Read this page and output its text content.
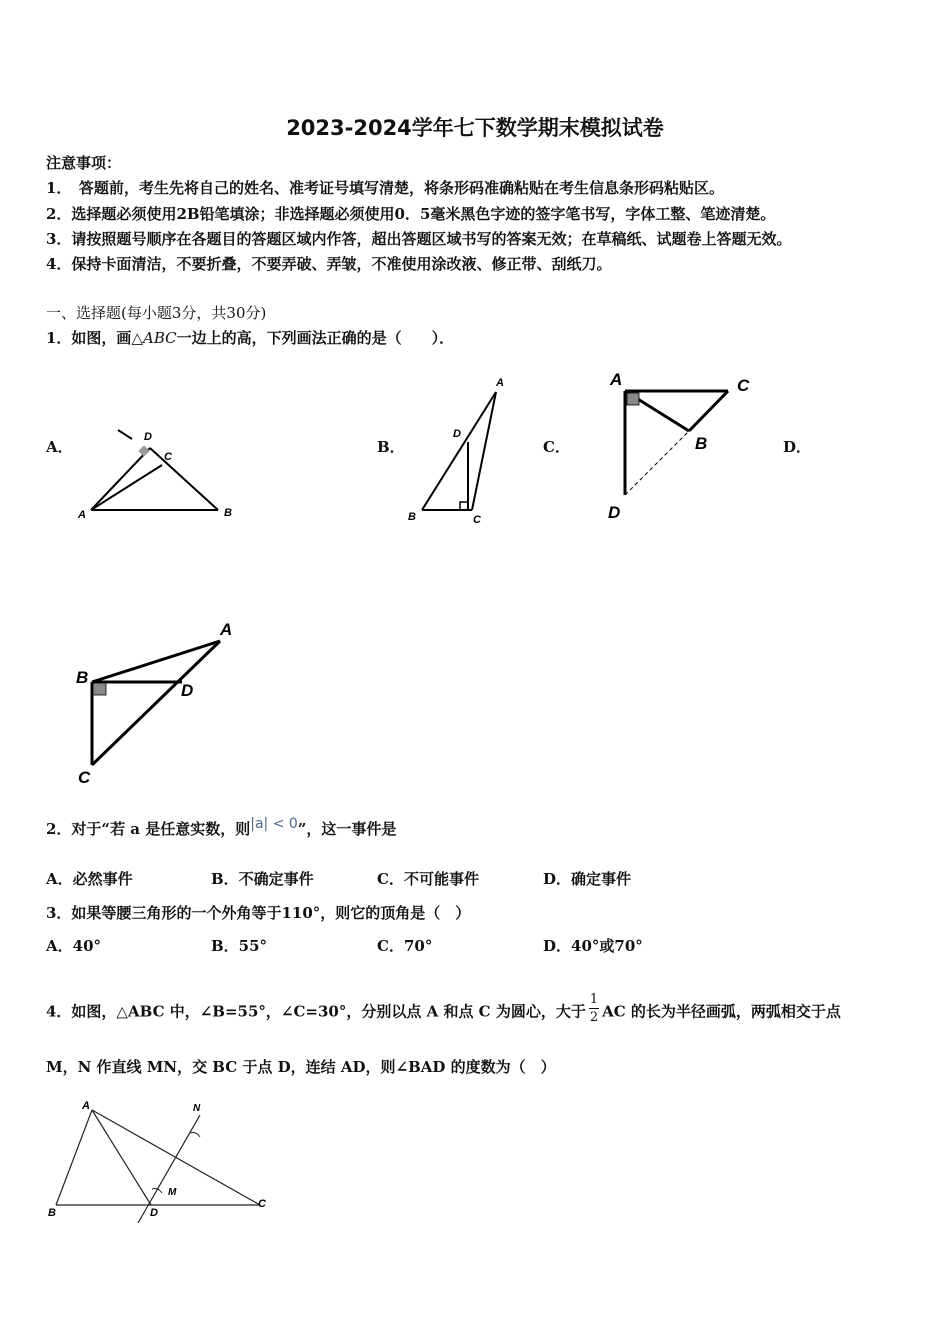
2023-2024学年七下数学期末模拟试卷
注意事项：
1．　答题前，考生先将自己的姓名、准考证号填写清楚，将条形码准确粘贴在考生信息条形码粘贴区。
2．选择题必须使用2B铅笔填涂；非选择题必须使用0．5毫米黑色字迹的签字笔书写，字体工整、笔迹清楚。
3．请按照题号顺序在各题目的答题区域内作答，超出答题区域书写的答案无效；在草稿纸、试题卷上答题无效。
4．保持卡面清洁，不要折叠，不要弄破、弄皱，不准使用涂改液、修正带、刮纸刀。
一、选择题(每小题3分，共30分)
1．如图，画△ABC一边上的高，下列画法正确的是（　　）．
A．	B．	C．	D．
A	B
C
D
A
B	C
D
A
B
C
D
A
B
C
D
2．对于“若 a 是任意实数，则|a| < 0”，这一事件是
A．必然事件	B．不确定事件	C．不可能事件	D．确定事件
3．如果等腰三角形的一个外角等于110°，则它的顶角是（　）
A．40°	B．55°	C．70°	D．40°或70°
4．如图，△ABC 中，∠B=55°，∠C=30°，分别以点 A 和点 C 为圆心，大于 $\frac{1}{2}$ AC 的长为半径画弧，两弧相交于点
M，N 作直线 MN，交 BC 于点 D，连结 AD，则∠BAD 的度数为（　）
A
B
C
D
M
N
